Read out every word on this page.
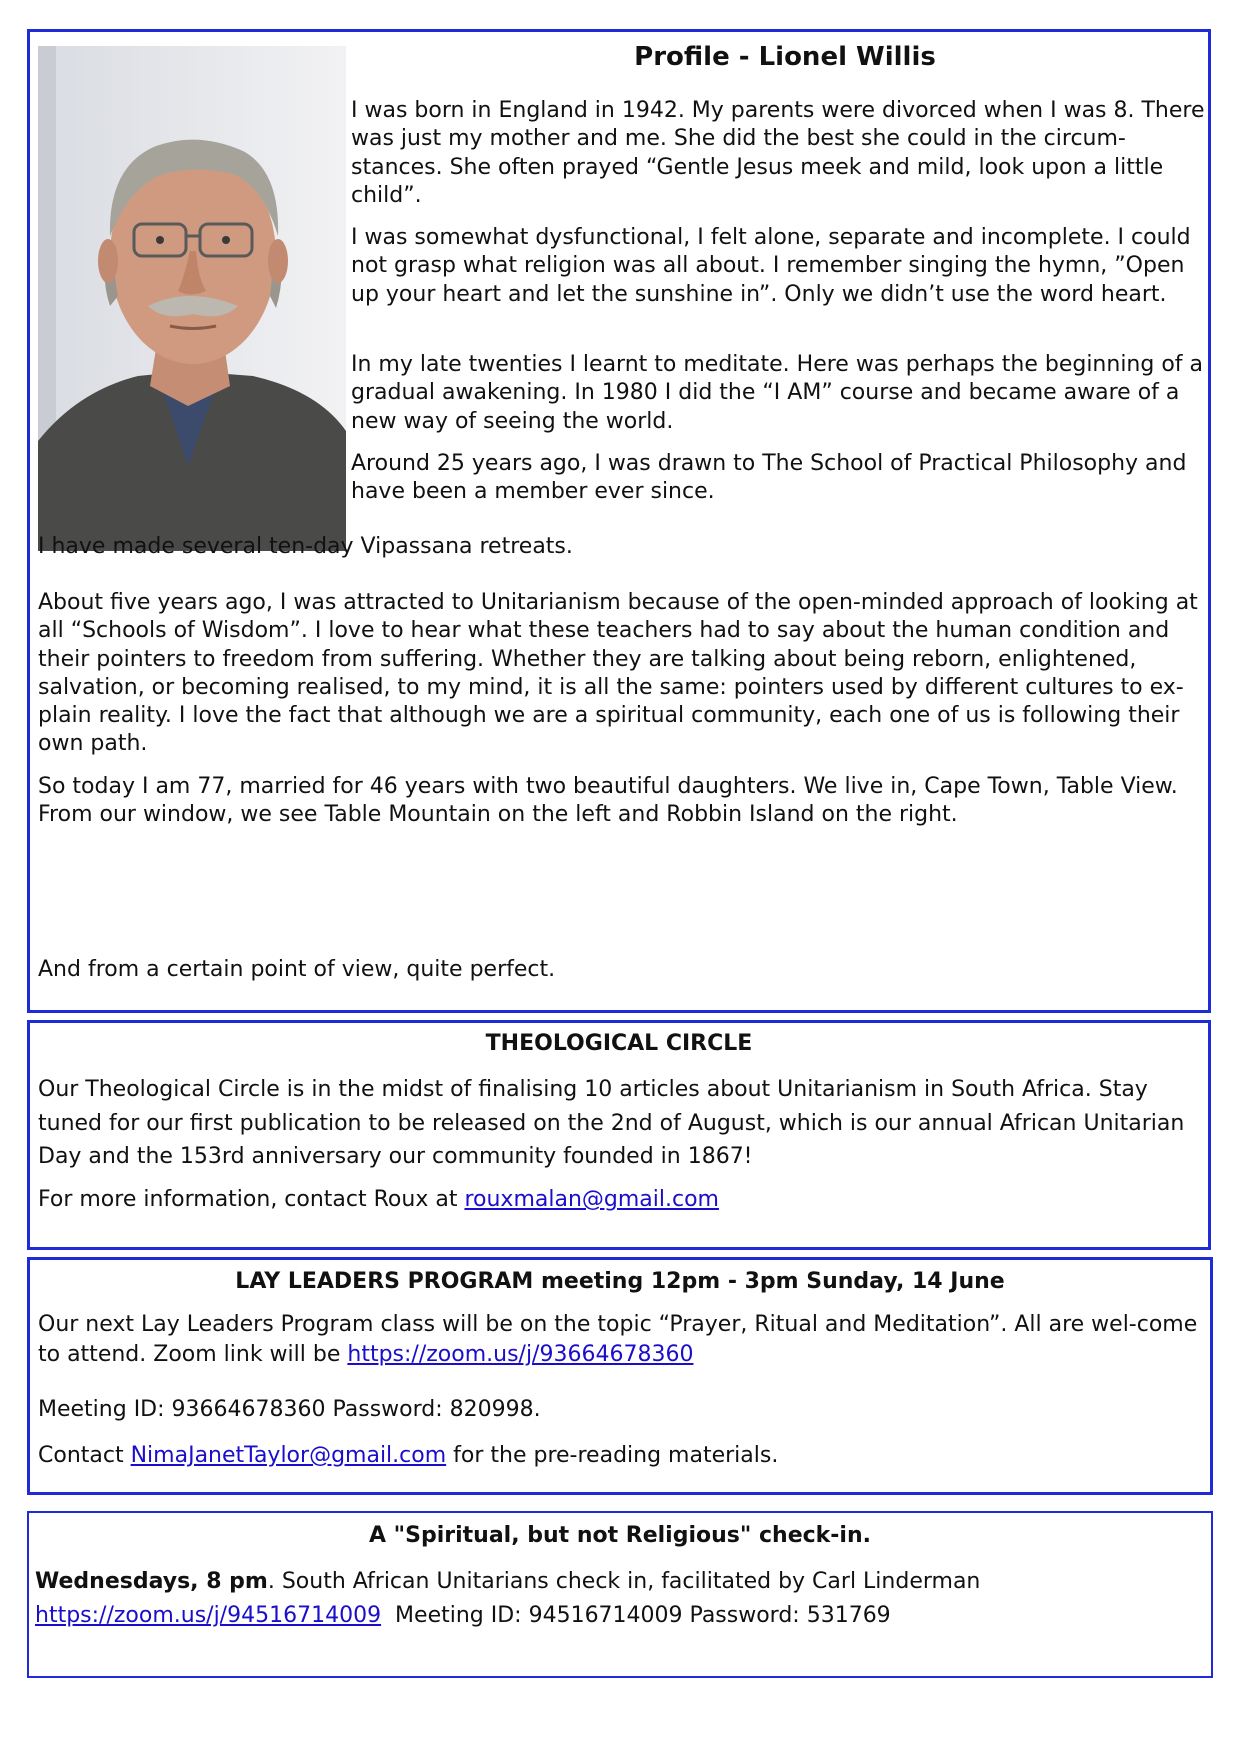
Profile - Lionel Willis

I was born in England in 1942. My parents were divorced when I was 8. There was just my mother and me. She did the best she could in the circum-stances. She often prayed “Gentle Jesus meek and mild, look upon a little child”.

I was somewhat dysfunctional, I felt alone, separate and incomplete. I could not grasp what religion was all about. I remember singing the hymn, ”Open up your heart and let the sunshine in”. Only we didn’t use the word heart.

In my late twenties I learnt to meditate. Here was perhaps the beginning of a gradual awakening. In 1980 I did the “I AM” course and became aware of a new way of seeing the world.

Around 25 years ago, I was drawn to The School of Practical Philosophy and have been a member ever since.

I have made several ten-day Vipassana retreats.

About five years ago, I was attracted to Unitarianism because of the open-minded approach of looking at all “Schools of Wisdom”. I love to hear what these teachers had to say about the human condition and their pointers to freedom from suffering. Whether they are talking about being reborn, enlightened, salvation, or becoming realised, to my mind, it is all the same: pointers used by different cultures to ex-plain reality. I love the fact that although we are a spiritual community, each one of us is following their own path.

So today I am 77, married for 46 years with two beautiful daughters. We live in, Cape Town, Table View. From our window, we see Table Mountain on the left and Robbin Island on the right.

And from a certain point of view, quite perfect.

THEOLOGICAL CIRCLE

Our Theological Circle is in the midst of finalising 10 articles about Unitarianism in South Africa. Stay tuned for our first publication to be released on the 2nd of August, which is our annual African Unitarian Day and the 153rd anniversary our community founded in 1867!

For more information, contact Roux at rouxmalan@gmail.com

LAY LEADERS PROGRAM meeting 12pm - 3pm Sunday, 14 June

Our next Lay Leaders Program class will be on the topic “Prayer, Ritual and Meditation”. All are wel-come to attend. Zoom link will be https://zoom.us/j/93664678360

Meeting ID: 93664678360 Password: 820998.

Contact NimaJanetTaylor@gmail.com for the pre-reading materials.

A "Spiritual, but not Religious" check-in.

Wednesdays, 8 pm. South African Unitarians check in, facilitated by Carl Linderman
https://zoom.us/j/94516714009  Meeting ID: 94516714009 Password: 531769
